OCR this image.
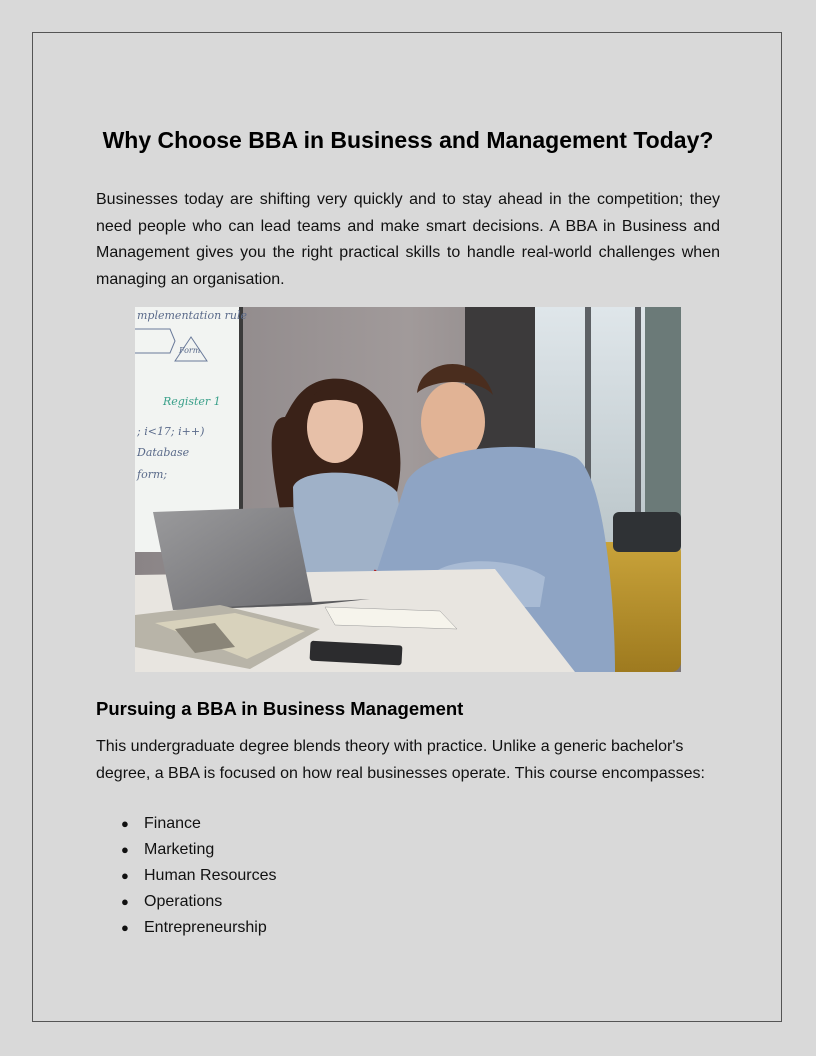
Why Choose BBA in Business and Management Today?

Businesses today are shifting very quickly and to stay ahead in the competition; they need people who can lead teams and make smart decisions. A BBA in Business and Management gives you the right practical skills to handle real-world challenges when managing an organisation.

mplementation rule
Form
Register 1
; i<17; i++)
Database
form;
Pursuing a BBA in Business Management

This undergraduate degree blends theory with practice. Unlike a generic bachelor's degree, a BBA is focused on how real businesses operate. This course encompasses:

● Finance
● Marketing
● Human Resources
● Operations
● Entrepreneurship
